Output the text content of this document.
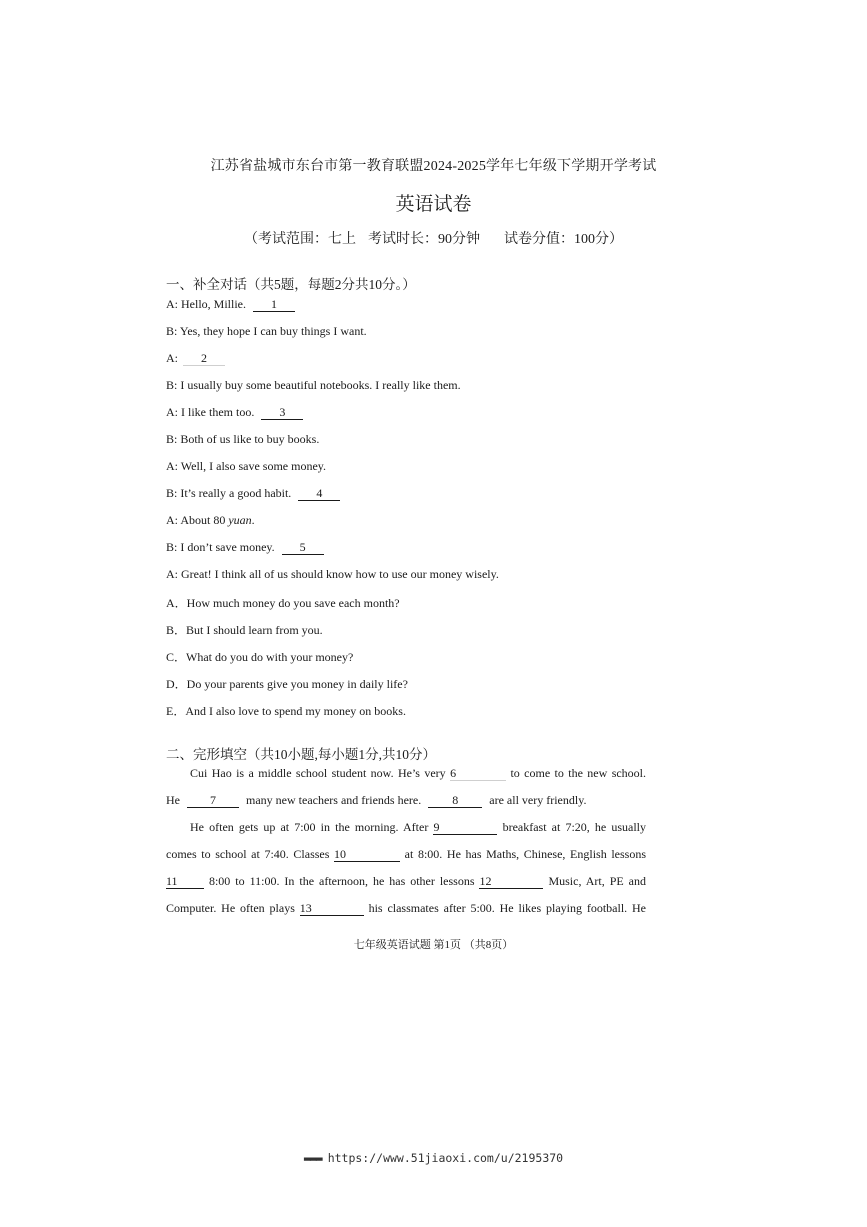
江苏省盐城市东台市第一教育联盟2024-2025学年七年级下学期开学考试
英语试卷
（考试范围：七上 考试时长：90分钟 试卷分值：100分）
一、补全对话（共5题，每题2分共10分。）
A: Hello, Millie. 1
B: Yes, they hope I can buy things I want.
A: 2
B: I usually buy some beautiful notebooks. I really like them.
A: I like them too. 3
B: Both of us like to buy books.
A: Well, I also save some money.
B: It’s really a good habit. 4
A: About 80 yuan.
B: I don’t save money. 5
A: Great! I think all of us should know how to use our money wisely.
A．How much money do you save each month?
B．But I should learn from you.
C．What do you do with your money?
D．Do your parents give you money in daily life?
E．And I also love to spend my money on books.
二、完形填空（共10小题,每小题1分,共10分）
Cui Hao is a middle school student now. He’s very 6	to come to the new school.
He	7	many new teachers and friends here.	8	are all very friendly.
He often gets up at 7:00 in the morning. After 9	breakfast at 7:20, he usually
comes to school at 7:40. Classes 10	at 8:00. He has Maths, Chinese, English lessons
11	8:00 to 11:00. In the afternoon, he has other lessons 12	Music, Art, PE and
Computer. He often plays 13	his classmates after 5:00. He likes playing football. He
七年级英语试题 第1页 （共8页）
▬▬▬ https://www.51jiaoxi.com/u/2195370
